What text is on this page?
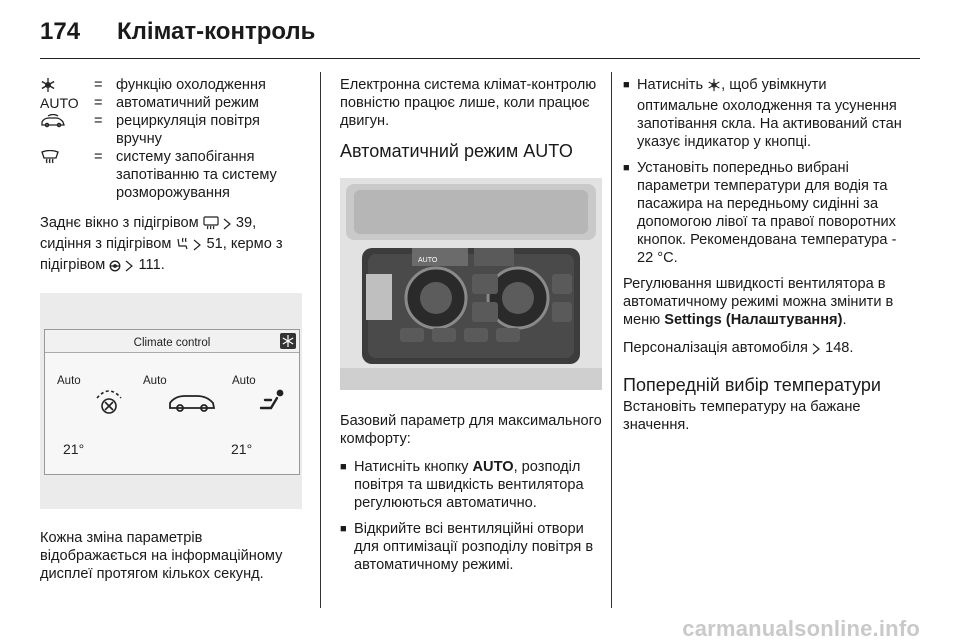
174 Клімат-контроль
= функцію охолодження
AUTO	= автоматичний режим
= рециркуляція повітря вручну
= систему запобігання запотіванню та систему розморожування

Заднє вікно з підігрівом	39,
сидіння з підігрівом 51, кермо з
підігрівом 111.

Climate control
Auto	Auto	Auto
21°	21°

Кожна зміна параметрів відображається на інформаційному дисплеї протягом кількох секунд.

Електронна система клімат-контролю повністю працює лише, коли працює двигун.

Автоматичний режим AUTO
AUTO

Базовий параметр для максимального комфорту:

■ Натисніть кнопку AUTO, розподіл повітря та швидкість вентилятора регулюються автоматично.
■ Відкрийте всі вентиляційні отвори для оптимізації розподілу повітря в автоматичному режимі.
■ Натисніть , щоб увімкнути оптимальне охолодження та усунення запотівання скла. На активований стан указує індикатор у кнопці.
■ Установіть попередньо вибрані параметри температури для водія та пасажира на передньому сидінні за допомогою лівої та правої поворотних кнопок. Рекомендована температура - 22 °C.

Регулювання швидкості вентилятора в автоматичному режимі можна змінити в меню Settings (Налаштування).

Персоналізація автомобіля 148.

Попередній вибір температури

Встановіть температуру на бажане значення.

carmanualsonline.info
